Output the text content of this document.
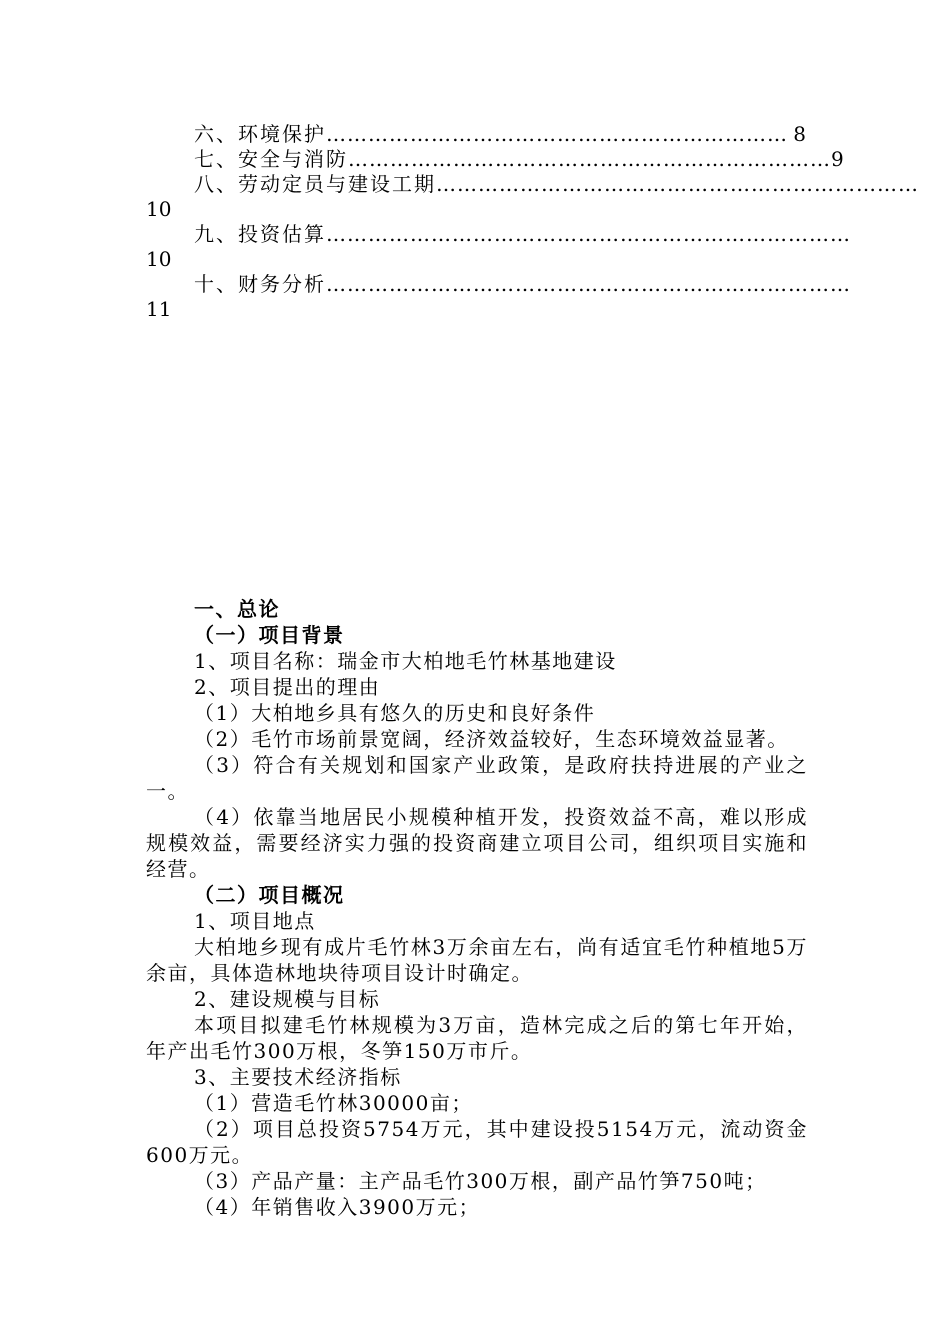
六、环境保护 ………………………………………………………… 8
七、安全与消防 …………………………………………………………… 9
八、劳动定员与建设工期 ……………………………………………………………
10
九、投资估算 …………………………………………………………………
10
十、财务分析 …………………………………………………………………
11

一、总论

（一）项目背景

1、项目名称：瑞金市大柏地毛竹林基地建设

2、项目提出的理由

（1）大柏地乡具有悠久的历史和良好条件

（2）毛竹市场前景宽阔，经济效益较好，生态环境效益显著。

（3）符合有关规划和国家产业政策，是政府扶持进展的产业之一。

（4）依靠当地居民小规模种植开发，投资效益不高，难以形成规模效益，需要经济实力强的投资商建立项目公司，组织项目实施和经营。

（二）项目概况

1、项目地点

大柏地乡现有成片毛竹林3万余亩左右，尚有适宜毛竹种植地5万余亩，具体造林地块待项目设计时确定。

2、建设规模与目标

本项目拟建毛竹林规模为3万亩，造林完成之后的第七年开始，年产出毛竹300万根，冬笋150万市斤。

3、主要技术经济指标

（1）营造毛竹林30000亩；

（2）项目总投资5754万元，其中建设投5154万元，流动资金600万元。

（3）产品产量：主产品毛竹300万根，副产品竹笋750吨；

（4）年销售收入3900万元；
